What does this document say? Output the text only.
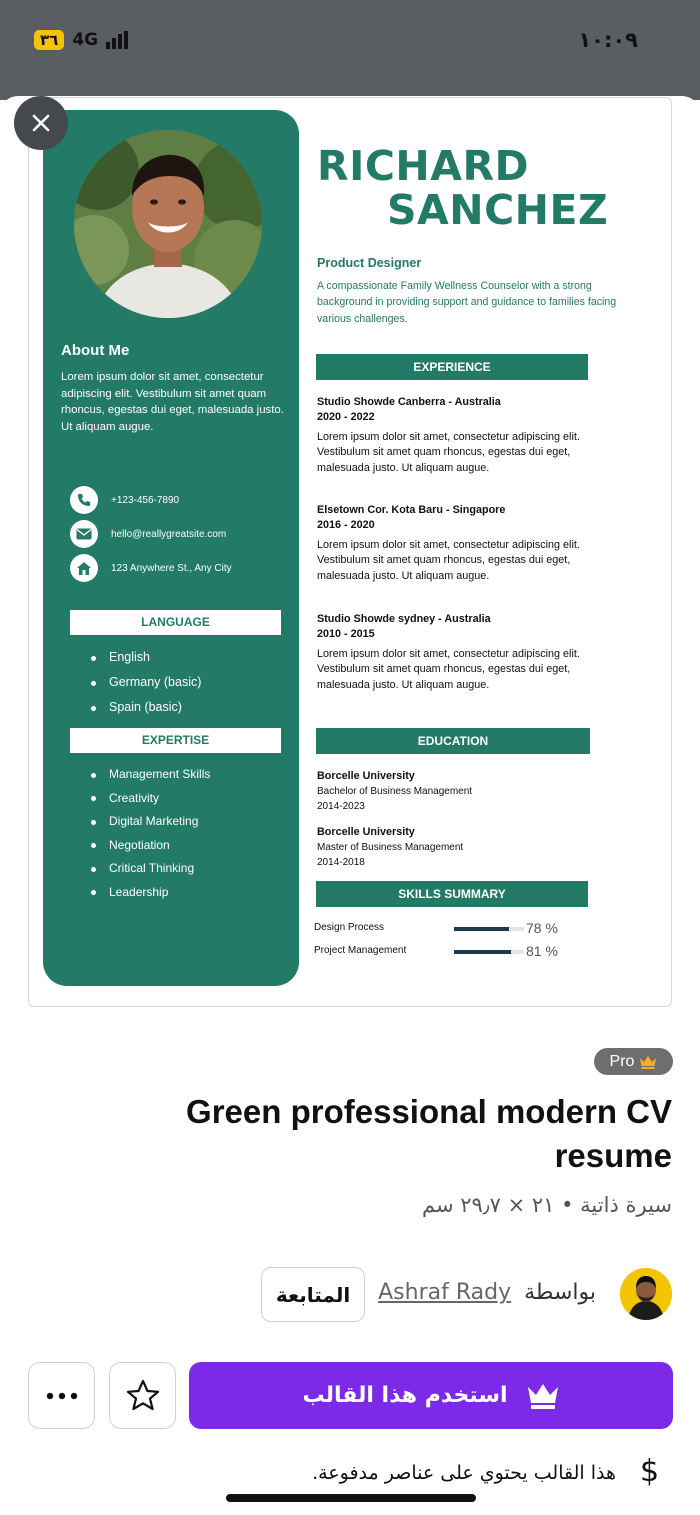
٣٦ 4G	١٠:٠٩
About Me
Lorem ipsum dolor sit amet, consectetur adipiscing elit. Vestibulum sit amet quam rhoncus, egestas dui eget, malesuada justo. Ut aliquam augue.
+123-456-7890
hello@reallygreatsite.com
123 Anywhere St., Any City
LANGUAGE
English
Germany (basic)
Spain (basic)
EXPERTISE
Management Skills
Creativity
Digital Marketing
Negotiation
Critical Thinking
Leadership
RICHARD
SANCHEZ
Product Designer
A compassionate Family Wellness Counselor with a strong background in providing support and guidance to families facing various challenges.
EXPERIENCE
Studio Showde Canberra - Australia
2020 - 2022
Lorem ipsum dolor sit amet, consectetur adipiscing elit. Vestibulum sit amet quam rhoncus, egestas dui eget, malesuada justo. Ut aliquam augue.
Elsetown Cor. Kota Baru - Singapore
2016 - 2020
Lorem ipsum dolor sit amet, consectetur adipiscing elit. Vestibulum sit amet quam rhoncus, egestas dui eget, malesuada justo. Ut aliquam augue.
Studio Showde sydney - Australia
2010 - 2015
Lorem ipsum dolor sit amet, consectetur adipiscing elit. Vestibulum sit amet quam rhoncus, egestas dui eget, malesuada justo. Ut aliquam augue.
EDUCATION
Borcelle University
Bachelor of Business Management
2014-2023
Borcelle University
Master of Business Management
2014-2018
SKILLS SUMMARY
Design Process	78 %
Project Management	81 %
Pro
Green professional modern CV resume
سيرة ذاتية • ٢١ × ٢٩٫٧ سم
بواسطة Ashraf Rady
المتابعة
استخدم هذا القالب
$
هذا القالب يحتوي على عناصر مدفوعة.
